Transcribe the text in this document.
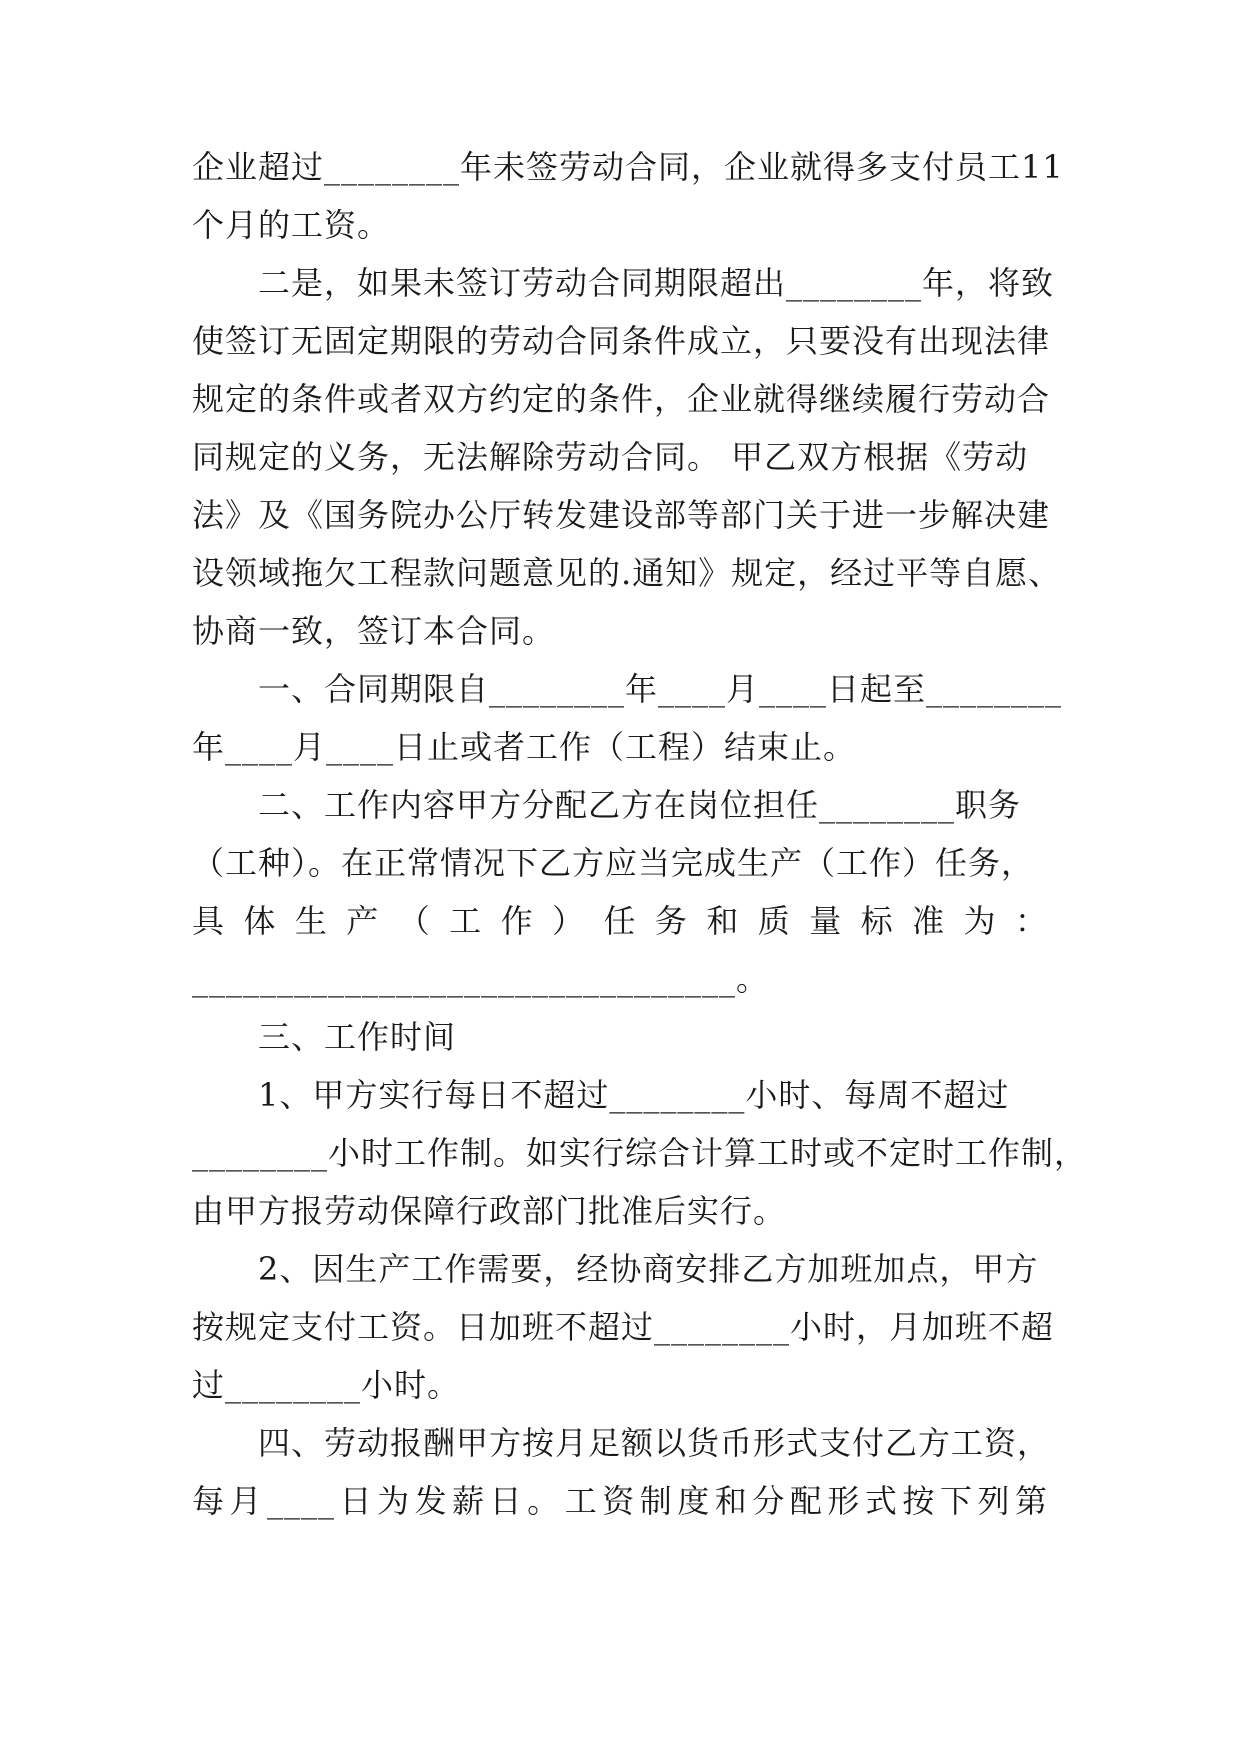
企业超过________年未签劳动合同，企业就得多支付员工11
个月的工资。

　　二是，如果未签订劳动合同期限超出________年，将致
使签订无固定期限的劳动合同条件成立，只要没有出现法律
规定的条件或者双方约定的条件，企业就得继续履行劳动合
同规定的义务，无法解除劳动合同。 甲乙双方根据《劳动
法》及《国务院办公厅转发建设部等部门关于进一步解决建
设领域拖欠工程款问题意见的.通知》规定，经过平等自愿、
协商一致，签订本合同。

　　一、合同期限自________年____月____日起至________
年____月____日止或者工作（工程）结束止。

　　二、工作内容甲方分配乙方在岗位担任________职务
（工种）。在正常情况下乙方应当完成生产（工作）任务，
具体生产（工作）任务和质量标准为：
________________________________。

　　三、工作时间

　　1、甲方实行每日不超过________小时、每周不超过
________小时工作制。如实行综合计算工时或不定时工作制，
由甲方报劳动保障行政部门批准后实行。

　　2、因生产工作需要，经协商安排乙方加班加点，甲方
按规定支付工资。日加班不超过________小时，月加班不超
过________小时。

　　四、劳动报酬甲方按月足额以货币形式支付乙方工资，
每月____日为发薪日。工资制度和分配形式按下列第
